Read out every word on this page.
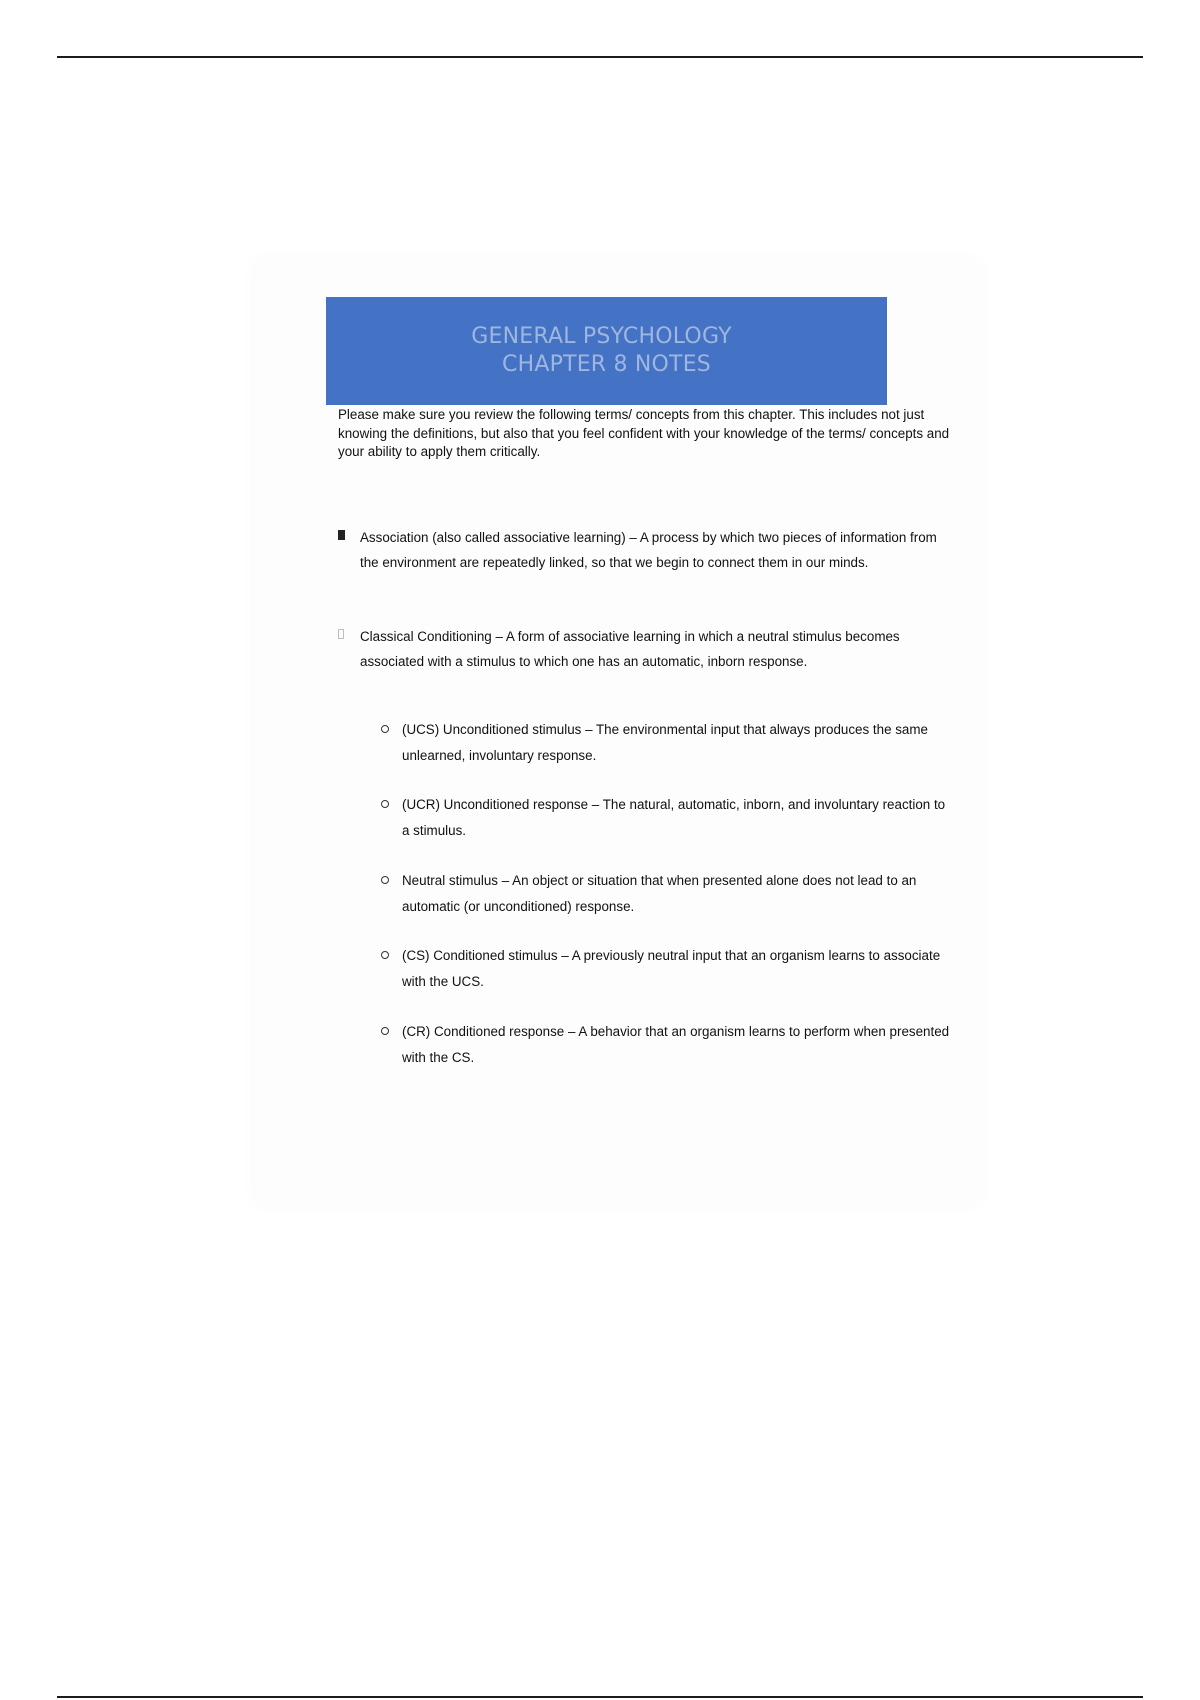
GENERAL PSYCHOLOGY
CHAPTER 8 NOTES
Please make sure you review the following terms/ concepts from this chapter. This includes not just knowing the definitions, but also that you feel confident with your knowledge of the terms/ concepts and your ability to apply them critically.
Association (also called associative learning) – A process by which two pieces of information from the environment are repeatedly linked, so that we begin to connect them in our minds.
Classical Conditioning – A form of associative learning in which a neutral stimulus becomes associated with a stimulus to which one has an automatic, inborn response.
(UCS) Unconditioned stimulus – The environmental input that always produces the same unlearned, involuntary response.
(UCR) Unconditioned response – The natural, automatic, inborn, and involuntary reaction to a stimulus.
Neutral stimulus – An object or situation that when presented alone does not lead to an automatic (or unconditioned) response.
(CS) Conditioned stimulus – A previously neutral input that an organism learns to associate with the UCS.
(CR) Conditioned response – A behavior that an organism learns to perform when presented with the CS.
